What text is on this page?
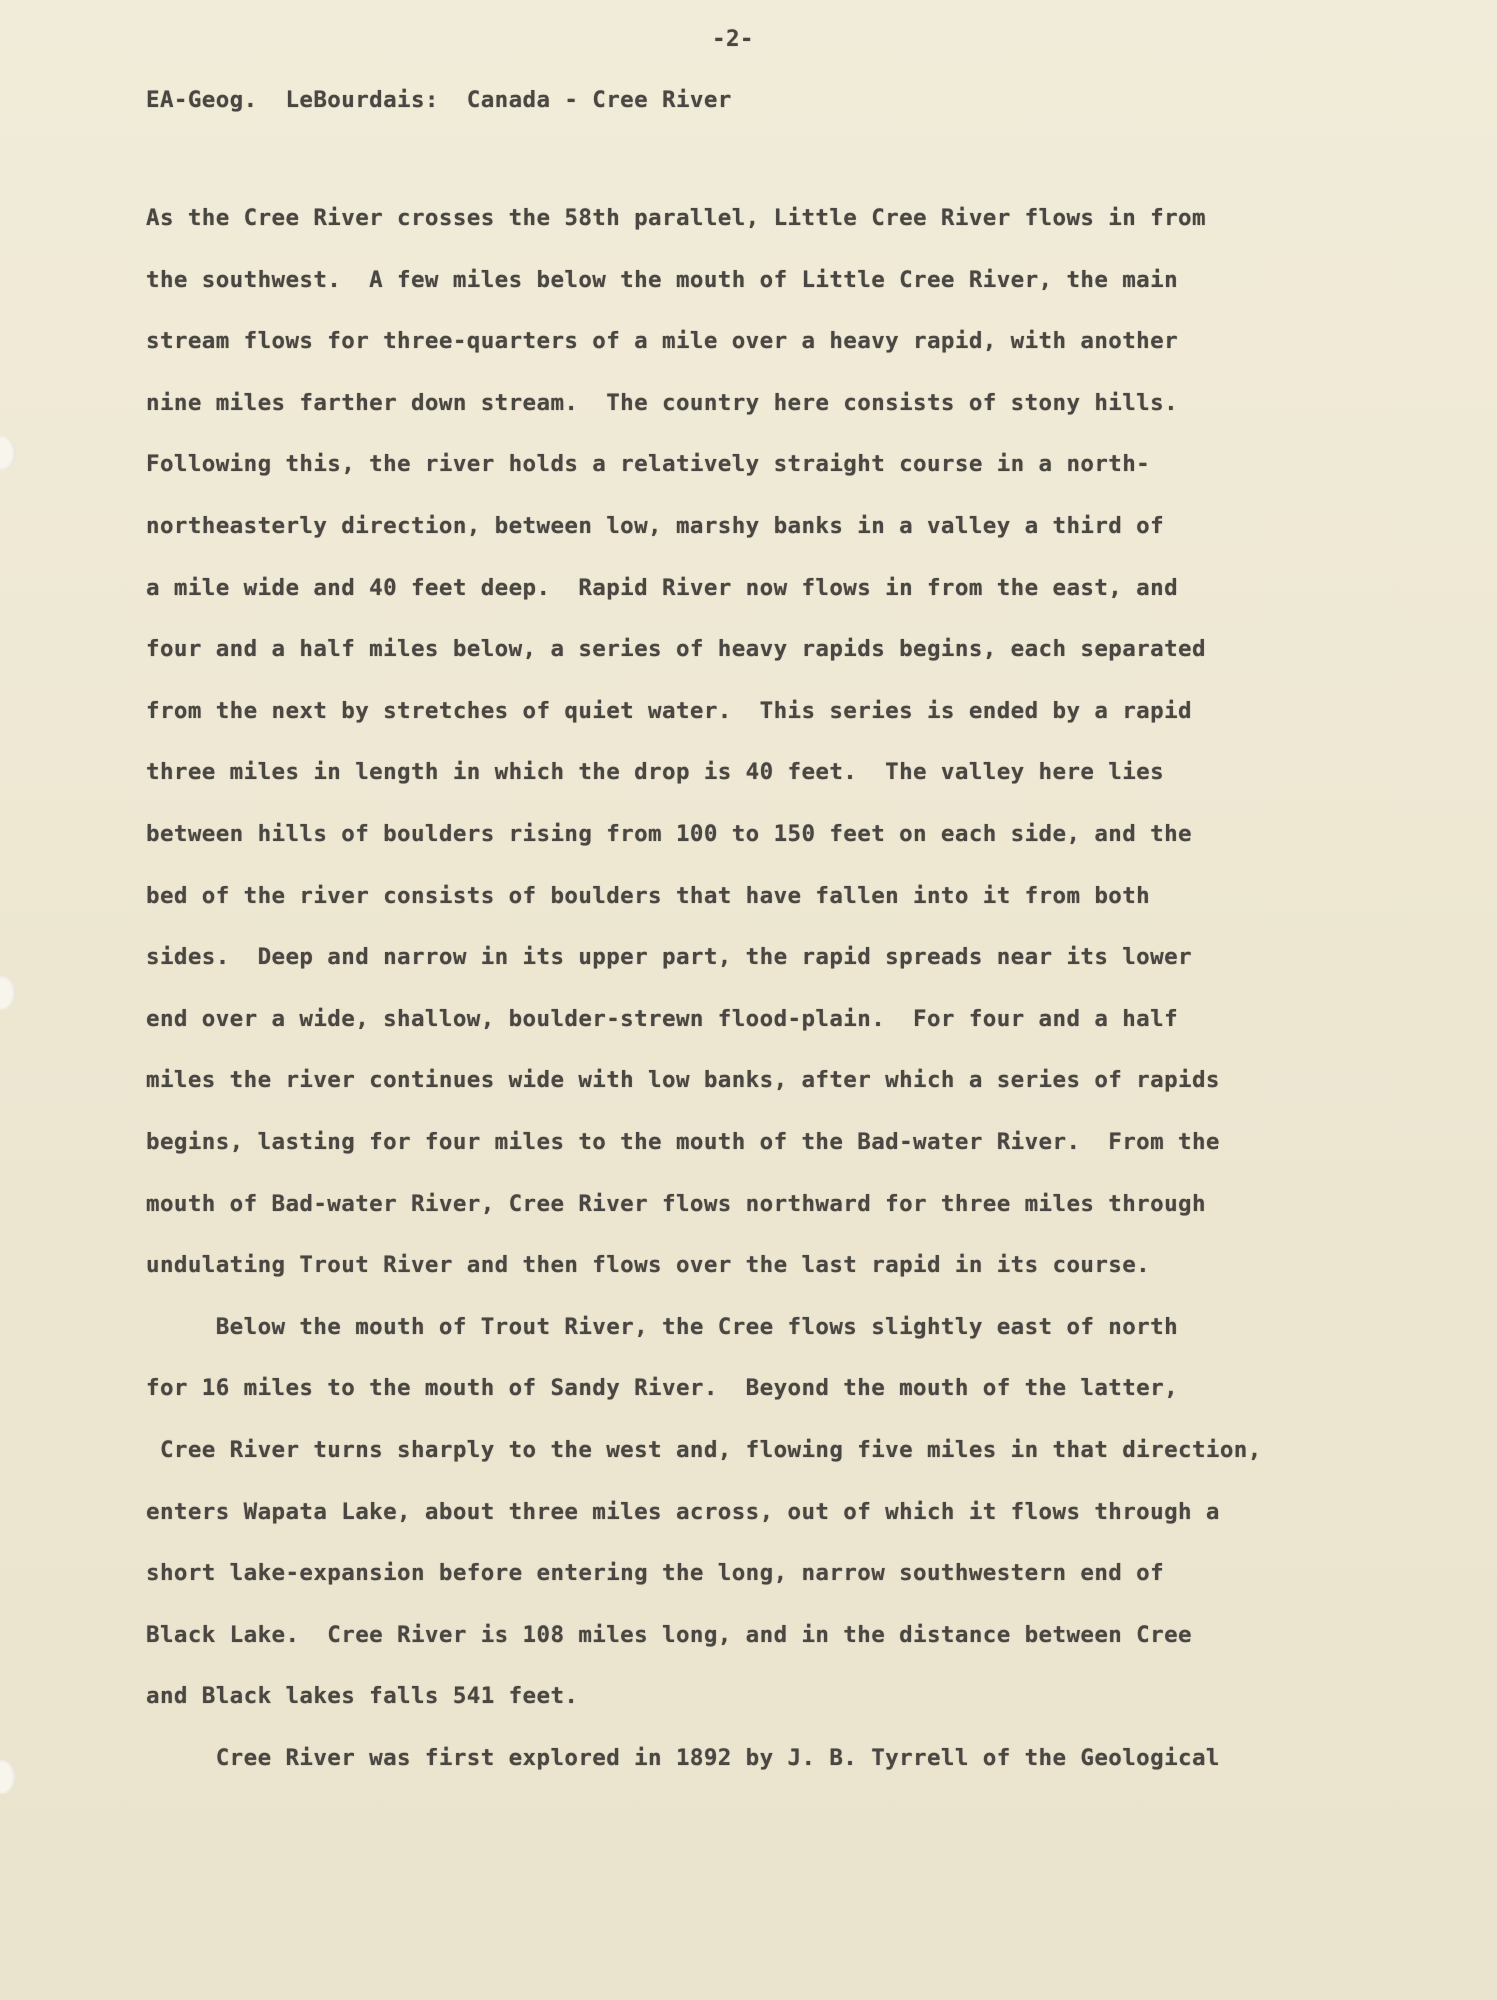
-2-
EA-Geog.  LeBourdais:  Canada - Cree River
As the Cree River crosses the 58th parallel, Little Cree River flows in from
the southwest.  A few miles below the mouth of Little Cree River, the main
stream flows for three-quarters of a mile over a heavy rapid, with another
nine miles farther down stream.  The country here consists of stony hills.
Following this, the river holds a relatively straight course in a north-
northeasterly direction, between low, marshy banks in a valley a third of
a mile wide and 40 feet deep.  Rapid River now flows in from the east, and
four and a half miles below, a series of heavy rapids begins, each separated
from the next by stretches of quiet water.  This series is ended by a rapid
three miles in length in which the drop is 40 feet.  The valley here lies
between hills of boulders rising from 100 to 150 feet on each side, and the
bed of the river consists of boulders that have fallen into it from both
sides.  Deep and narrow in its upper part, the rapid spreads near its lower
end over a wide, shallow, boulder-strewn flood-plain.  For four and a half
miles the river continues wide with low banks, after which a series of rapids
begins, lasting for four miles to the mouth of the Bad-water River.  From the
mouth of Bad-water River, Cree River flows northward for three miles through
undulating Trout River and then flows over the last rapid in its course.
Below the mouth of Trout River, the Cree flows slightly east of north
for 16 miles to the mouth of Sandy River.  Beyond the mouth of the latter,
Cree River turns sharply to the west and, flowing five miles in that direction,
enters Wapata Lake, about three miles across, out of which it flows through a
short lake-expansion before entering the long, narrow southwestern end of
Black Lake.  Cree River is 108 miles long, and in the distance between Cree
and Black lakes falls 541 feet.
Cree River was first explored in 1892 by J. B. Tyrrell of the Geological
